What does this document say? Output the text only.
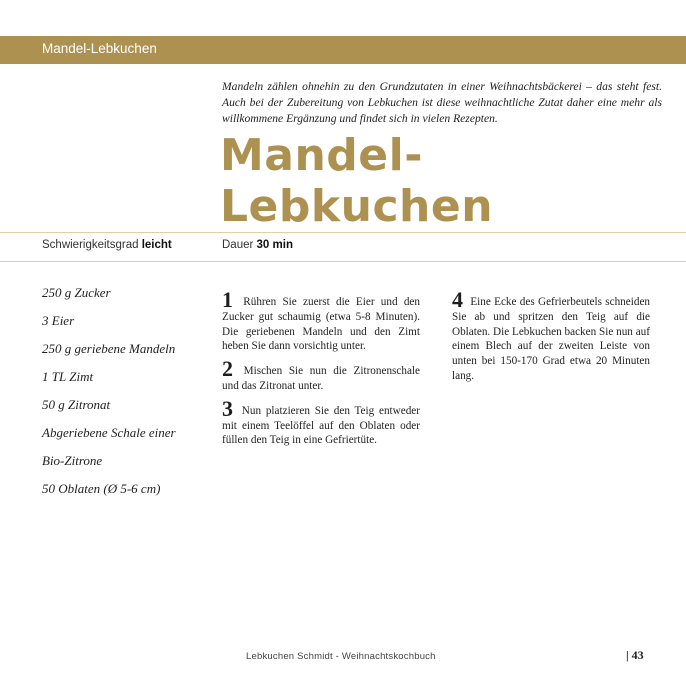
Mandel-Lebkuchen
Mandeln zählen ohnehin zu den Grundzutaten in einer Weihnachtsbäckerei – das steht fest. Auch bei der Zubereitung von Lebkuchen ist diese weihnachtliche Zutat daher eine mehr als willkommene Ergänzung und findet sich in vielen Rezepten.
Mandel-Lebkuchen
Schwierigkeitsgrad leicht	Dauer 30 min
250 g Zucker
3 Eier
250 g geriebene Mandeln
1 TL Zimt
50 g Zitronat
Abgeriebene Schale einer
Bio-Zitrone
50 Oblaten (Ø 5-6 cm)

1 Rühren Sie zuerst die Eier und den Zucker gut schaumig (etwa 5-8 Minuten). Die geriebenen Mandeln und den Zimt heben Sie dann vorsichtig unter.

2 Mischen Sie nun die Zitronenschale und das Zitronat unter.

3 Nun platzieren Sie den Teig entweder mit einem Teelöffel auf den Oblaten oder füllen den Teig in eine Gefriertüte.

4 Eine Ecke des Gefrierbeutels schneiden Sie ab und spritzen den Teig auf die Oblaten. Die Lebkuchen backen Sie nun auf einem Blech auf der zweiten Leiste von unten bei 150-170 Grad etwa 20 Minuten lang.

Lebkuchen Schmidt - Weihnachtskochbuch	| 43
